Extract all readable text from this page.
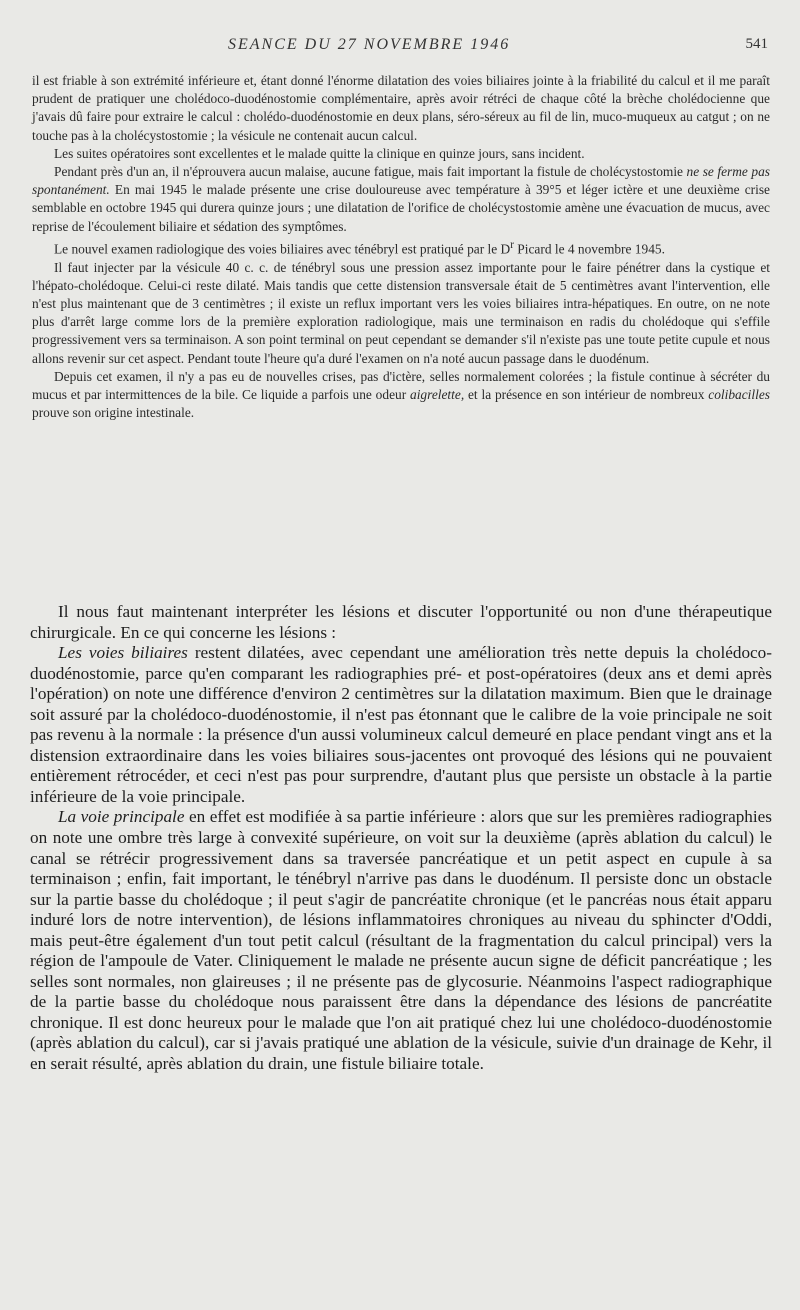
SEANCE DU 27 NOVEMBRE 1946	541

il est friable à son extrémité inférieure et, étant donné l'énorme dilatation des voies biliaires jointe à la friabilité du calcul et il me paraît prudent de pratiquer une cholédoco-duodénostomie complémentaire, après avoir rétréci de chaque côté la brèche cholédocienne que j'avais dû faire pour extraire le calcul : cholédo-duodénostomie en deux plans, séro-séreux au fil de lin, muco-muqueux au catgut ; on ne touche pas à la cholécystostomie ; la vésicule ne contenait aucun calcul.

Les suites opératoires sont excellentes et le malade quitte la clinique en quinze jours, sans incident.

Pendant près d'un an, il n'éprouvera aucun malaise, aucune fatigue, mais fait important la fistule de cholécystostomie ne se ferme pas spontanément. En mai 1945 le malade présente une crise douloureuse avec température à 39°5 et léger ictère et une deuxième crise semblable en octobre 1945 qui durera quinze jours ; une dilatation de l'orifice de cholécystostomie amène une évacuation de mucus, avec reprise de l'écoulement biliaire et sédation des symptômes.

Le nouvel examen radiologique des voies biliaires avec ténébryl est pratiqué par le $D^r$ Picard le 4 novembre 1945.

Il faut injecter par la vésicule 40 c. c. de ténébryl sous une pression assez importante pour le faire pénétrer dans la cystique et l'hépato-cholédoque. Celui-ci reste dilaté. Mais tandis que cette distension transversale était de 5 centimètres avant l'intervention, elle n'est plus maintenant que de 3 centimètres ; il existe un reflux important vers les voies biliaires intra-hépatiques. En outre, on ne note plus d'arrêt large comme lors de la première exploration radiologique, mais une terminaison en radis du cholédoque qui s'effile progressivement vers sa terminaison. A son point terminal on peut cependant se demander s'il n'existe pas une toute petite cupule et nous allons revenir sur cet aspect. Pendant toute l'heure qu'a duré l'examen on n'a noté aucun passage dans le duodénum.

Depuis cet examen, il n'y a pas eu de nouvelles crises, pas d'ictère, selles normalement colorées ; la fistule continue à sécréter du mucus et par intermittences de la bile. Ce liquide a parfois une odeur aigrelette, et la présence en son intérieur de nombreux colibacilles prouve son origine intestinale.

Il nous faut maintenant interpréter les lésions et discuter l'opportunité ou non d'une thérapeutique chirurgicale. En ce qui concerne les lésions :

Les voies biliaires restent dilatées, avec cependant une amélioration très nette depuis la cholédoco-duodénostomie, parce qu'en comparant les radiographies pré- et post-opératoires (deux ans et demi après l'opération) on note une différence d'environ 2 centimètres sur la dilatation maximum. Bien que le drainage soit assuré par la cholédoco-duodénostomie, il n'est pas étonnant que le calibre de la voie principale ne soit pas revenu à la normale : la présence d'un aussi volumineux calcul demeuré en place pendant vingt ans et la distension extraordinaire dans les voies biliaires sous-jacentes ont provoqué des lésions qui ne pouvaient entièrement rétrocéder, et ceci n'est pas pour surprendre, d'autant plus que persiste un obstacle à la partie inférieure de la voie principale.

La voie principale en effet est modifiée à sa partie inférieure : alors que sur les premières radiographies on note une ombre très large à convexité supérieure, on voit sur la deuxième (après ablation du calcul) le canal se rétrécir progressivement dans sa traversée pancréatique et un petit aspect en cupule à sa terminaison ; enfin, fait important, le ténébryl n'arrive pas dans le duodénum. Il persiste donc un obstacle sur la partie basse du cholédoque ; il peut s'agir de pancréatite chronique (et le pancréas nous était apparu induré lors de notre intervention), de lésions inflammatoires chroniques au niveau du sphincter d'Oddi, mais peut-être également d'un tout petit calcul (résultant de la fragmentation du calcul principal) vers la région de l'ampoule de Vater. Cliniquement le malade ne présente aucun signe de déficit pancréatique ; les selles sont normales, non glaireuses ; il ne présente pas de glycosurie. Néanmoins l'aspect radiographique de la partie basse du cholédoque nous paraissent être dans la dépendance des lésions de pancréatite chronique. Il est donc heureux pour le malade que l'on ait pratiqué chez lui une cholédoco-duodénostomie (après ablation du calcul), car si j'avais pratiqué une ablation de la vésicule, suivie d'un drainage de Kehr, il en serait résulté, après ablation du drain, une fistule biliaire totale.
